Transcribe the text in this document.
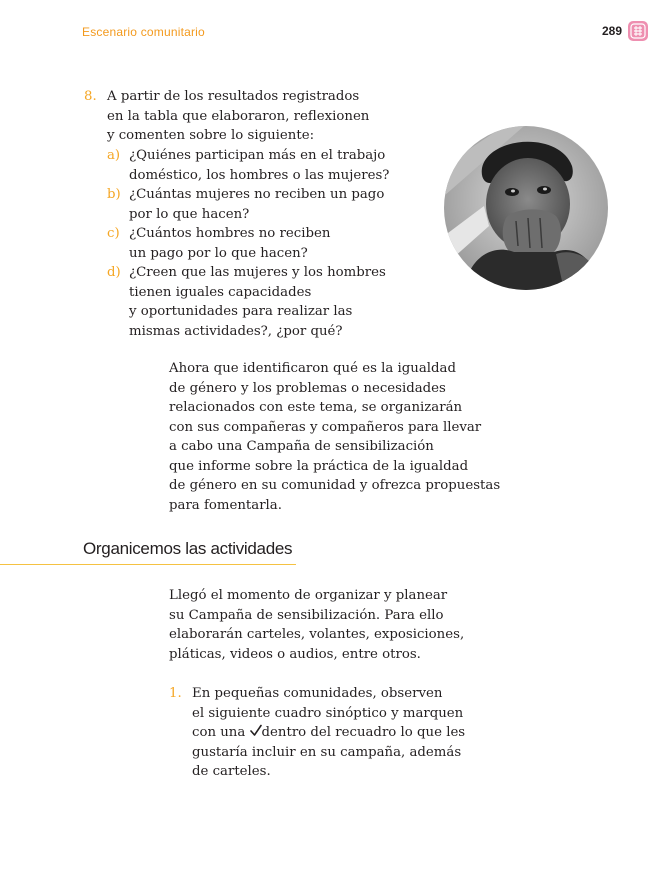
Escenario comunitario	289
8. A partir de los resultados registrados
en la tabla que elaboraron, reflexionen
y comenten sobre lo siguiente:
a) ¿Quiénes participan más en el trabajo
doméstico, los hombres o las mujeres?
b) ¿Cuántas mujeres no reciben un pago
por lo que hacen?
c) ¿Cuántos hombres no reciben
un pago por lo que hacen?
d) ¿Creen que las mujeres y los hombres
tienen iguales capacidades
y oportunidades para realizar las
mismas actividades?, ¿por qué?
Ahora que identificaron qué es la igualdad
de género y los problemas o necesidades
relacionados con este tema, se organizarán
con sus compañeras y compañeros para llevar
a cabo una Campaña de sensibilización
que informe sobre la práctica de la igualdad
de género en su comunidad y ofrezca propuestas
para fomentarla.
Organicemos las actividades
Llegó el momento de organizar y planear
su Campaña de sensibilización. Para ello
elaborarán carteles, volantes, exposiciones,
pláticas, videos o audios, entre otros.
1. En pequeñas comunidades, observen
el siguiente cuadro sinóptico y marquen
con una dentro del recuadro lo que les
gustaría incluir en su campaña, además
de carteles.
